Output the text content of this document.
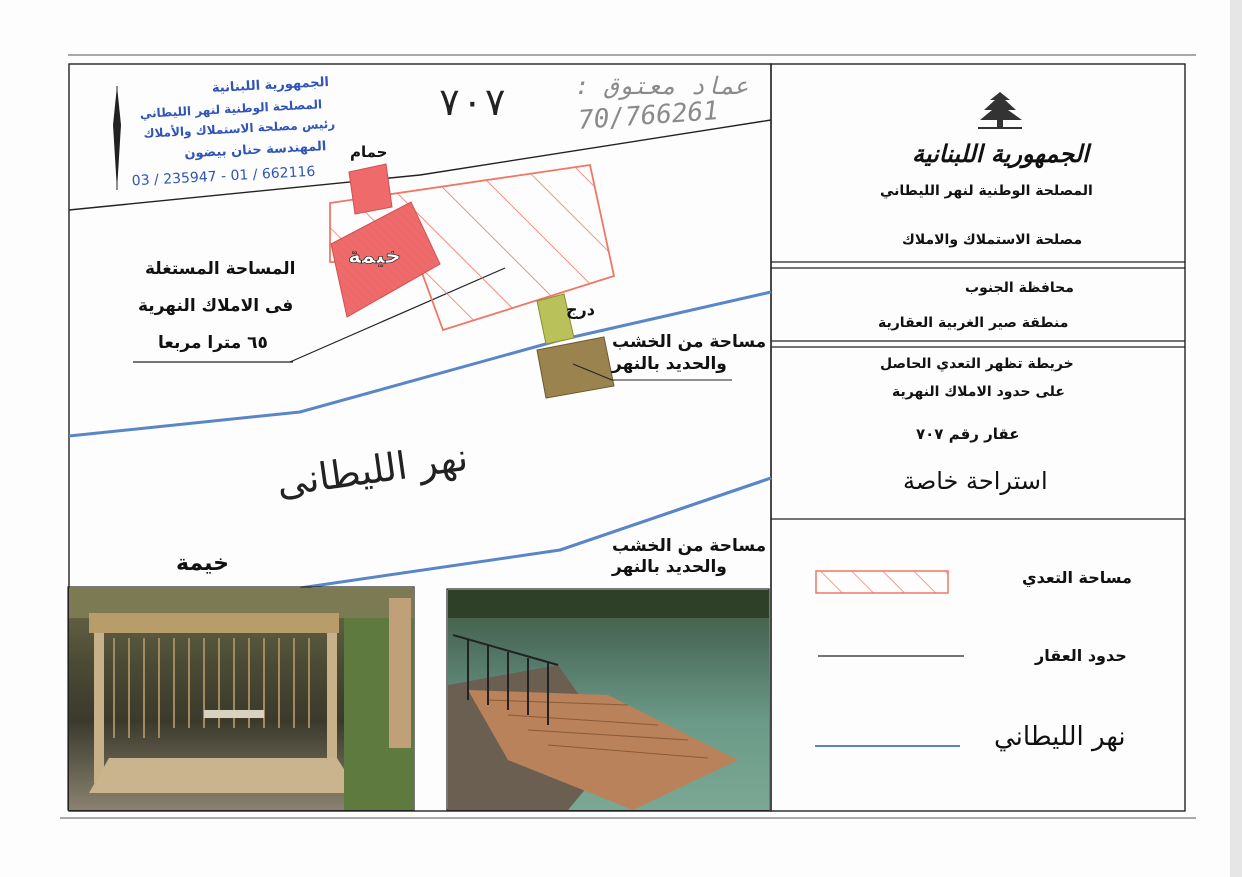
٧٠٧	عماد معتوق :
70/766261
حمام
خيمة
درج
المساحة المستغلة
فى الاملاك النهرية
٦٥ مترا مربعا	مساحة من الخشب
والحديد بالنهر
نهر الليطانى
خيمة
مساحة من الخشب
والحديد بالنهر
الجمهورية اللبنانية
المصلحة الوطنية لنهر الليطاني
رئيس مصلحة الاستملاك والأملاك
المهندسة حنان بيضون
03 / 235947 - 01 / 662116
الجمهورية اللبنانية
المصلحة الوطنية لنهر الليطاني
مصلحة الاستملاك والاملاك
محافظة الجنوب
منطقة صير الغربية العقارية
خريطة تظهر التعدي الحاصل
على حدود الاملاك النهرية
عقار رقم ٧٠٧
استراحة خاصة
مساحة التعدي
حدود العقار
نهر الليطاني
